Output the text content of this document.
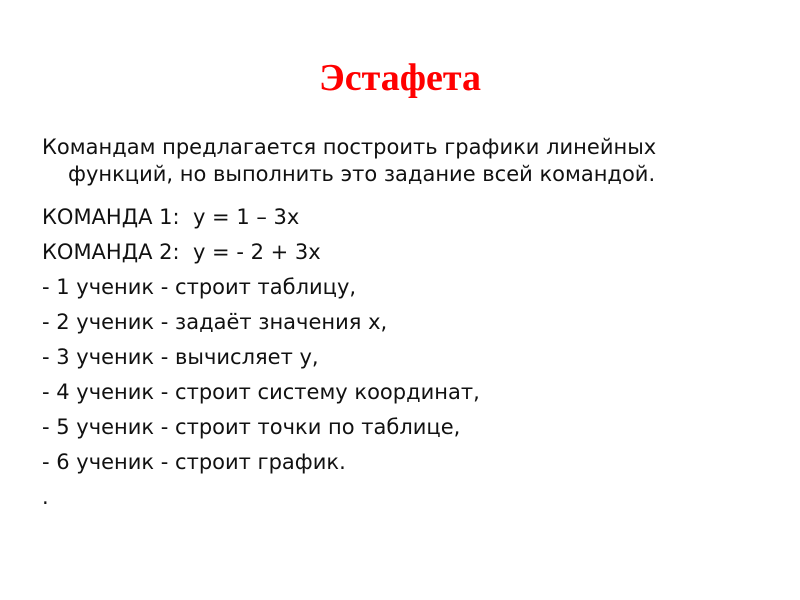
Эстафета

Командам предлагается построить графики линейных функций, но выполнить это задание всей командой.

КОМАНДА 1:  у = 1 – 3х
КОМАНДА 2:  у = - 2 + 3х
- 1 ученик - строит таблицу,
- 2 ученик - задаёт значения х,
- 3 ученик - вычисляет у,
- 4 ученик - строит систему координат,
- 5 ученик - строит точки по таблице,
- 6 ученик - строит график.
.
